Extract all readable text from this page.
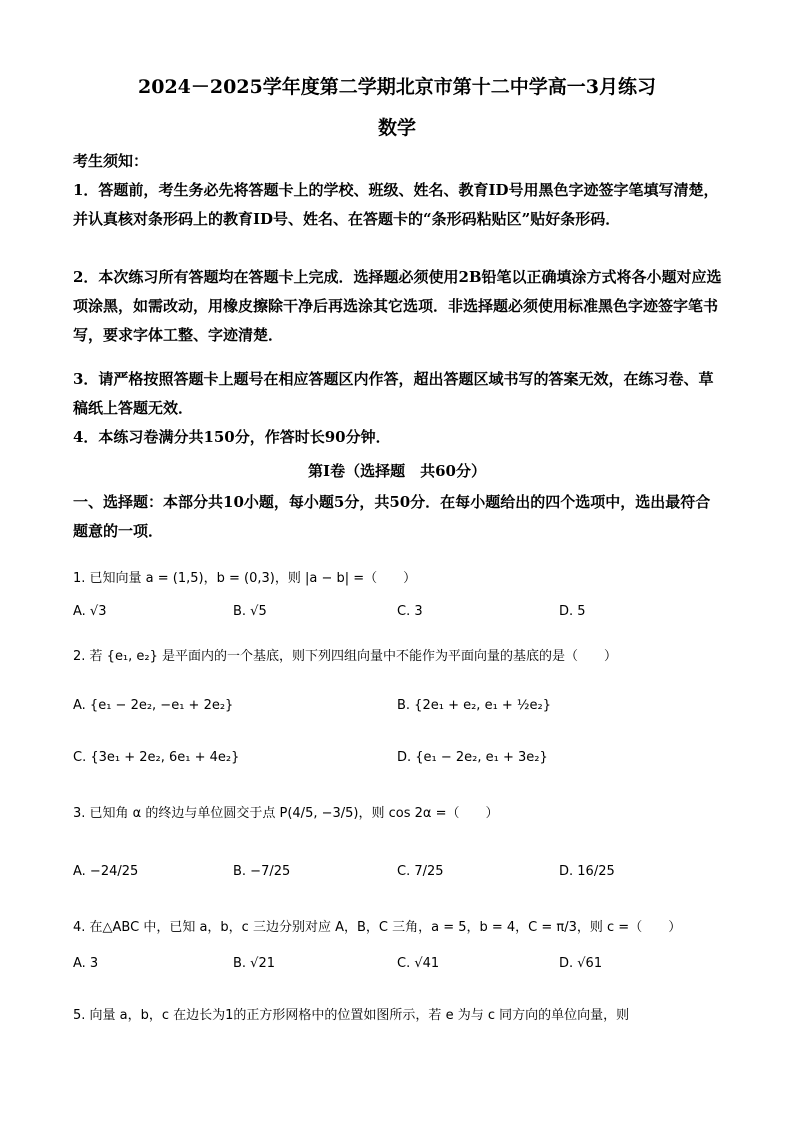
2024－2025学年度第二学期北京市第十二中学高一3月练习
数学
考生须知：
1．答题前，考生务必先将答题卡上的学校、班级、姓名、教育ID号用黑色字迹签字笔填写清楚，并认真核对条形码上的教育ID号、姓名、在答题卡的“条形码粘贴区”贴好条形码．
2．本次练习所有答题均在答题卡上完成．选择题必须使用2B铅笔以正确填涂方式将各小题对应选项涂黑，如需改动，用橡皮擦除干净后再选涂其它选项．非选择题必须使用标准黑色字迹签字笔书写，要求字体工整、字迹清楚．
3．请严格按照答题卡上题号在相应答题区内作答，超出答题区域书写的答案无效，在练习卷、草稿纸上答题无效．
4．本练习卷满分共150分，作答时长90分钟．
第I卷（选择题　共60分）
一、选择题：本部分共10小题，每小题5分，共50分．在每小题给出的四个选项中，选出最符合题意的一项．
1. 已知向量 a = (1,5)，b = (0,3)，则 |a − b| =（　　）
A. √3	B. √5	C. 3	D. 5
2. 若 {e₁, e₂} 是平面内的一个基底，则下列四组向量中不能作为平面向量的基底的是（　　）
A. {e₁ − 2e₂, −e₁ + 2e₂}	B. {2e₁ + e₂, e₁ + ½e₂}
C. {3e₁ + 2e₂, 6e₁ + 4e₂}	D. {e₁ − 2e₂, e₁ + 3e₂}
3. 已知角 α 的终边与单位圆交于点 P(4/5, −3/5)，则 cos 2α =（　　）
A. −24/25	B. −7/25	C. 7/25	D. 16/25
4. 在△ABC 中，已知 a，b，c 三边分别对应 A，B，C 三角，a = 5，b = 4，C = π/3，则 c =（　　）
A. 3	B. √21	C. √41	D. √61
5. 向量 a，b，c 在边长为1的正方形网格中的位置如图所示，若 e 为与 c 同方向的单位向量，则
